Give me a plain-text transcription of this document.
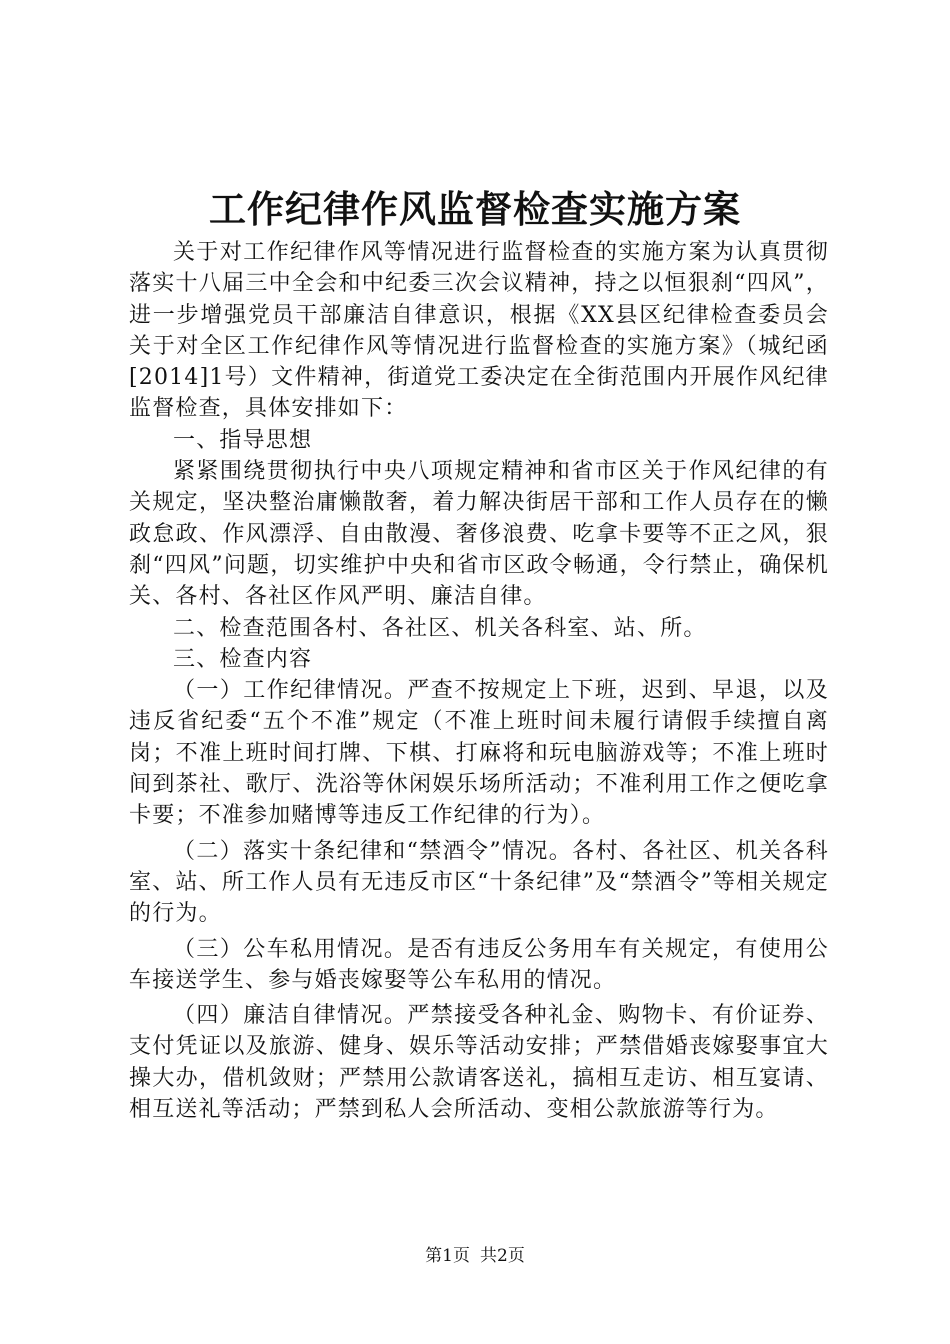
工作纪律作风监督检查实施方案

关于对工作纪律作风等情况进行监督检查的实施方案为认真贯彻落实十八届三中全会和中纪委三次会议精神，持之以恒狠刹“四风”，进一步增强党员干部廉洁自律意识，根据《XX县区纪律检查委员会关于对全区工作纪律作风等情况进行监督检查的实施方案》（城纪函[2014]1号）文件精神，街道党工委决定在全街范围内开展作风纪律监督检查，具体安排如下：

一、指导思想

紧紧围绕贯彻执行中央八项规定精神和省市区关于作风纪律的有关规定，坚决整治庸懒散奢，着力解决街居干部和工作人员存在的懒政怠政、作风漂浮、自由散漫、奢侈浪费、吃拿卡要等不正之风，狠刹“四风”问题，切实维护中央和省市区政令畅通，令行禁止，确保机关、各村、各社区作风严明、廉洁自律。

二、检查范围各村、各社区、机关各科室、站、所。

三、检查内容

（一）工作纪律情况。严查不按规定上下班，迟到、早退，以及违反省纪委“五个不准”规定（不准上班时间未履行请假手续擅自离岗；不准上班时间打牌、下棋、打麻将和玩电脑游戏等；不准上班时间到茶社、歌厅、洗浴等休闲娱乐场所活动；不准利用工作之便吃拿卡要；不准参加赌博等违反工作纪律的行为）。

（二）落实十条纪律和“禁酒令”情况。各村、各社区、机关各科室、站、所工作人员有无违反市区“十条纪律”及“禁酒令”等相关规定的行为。

（三）公车私用情况。是否有违反公务用车有关规定，有使用公车接送学生、参与婚丧嫁娶等公车私用的情况。

（四）廉洁自律情况。严禁接受各种礼金、购物卡、有价证券、支付凭证以及旅游、健身、娱乐等活动安排；严禁借婚丧嫁娶事宜大操大办，借机敛财；严禁用公款请客送礼，搞相互走访、相互宴请、相互送礼等活动；严禁到私人会所活动、变相公款旅游等行为。

第1页 共2页
